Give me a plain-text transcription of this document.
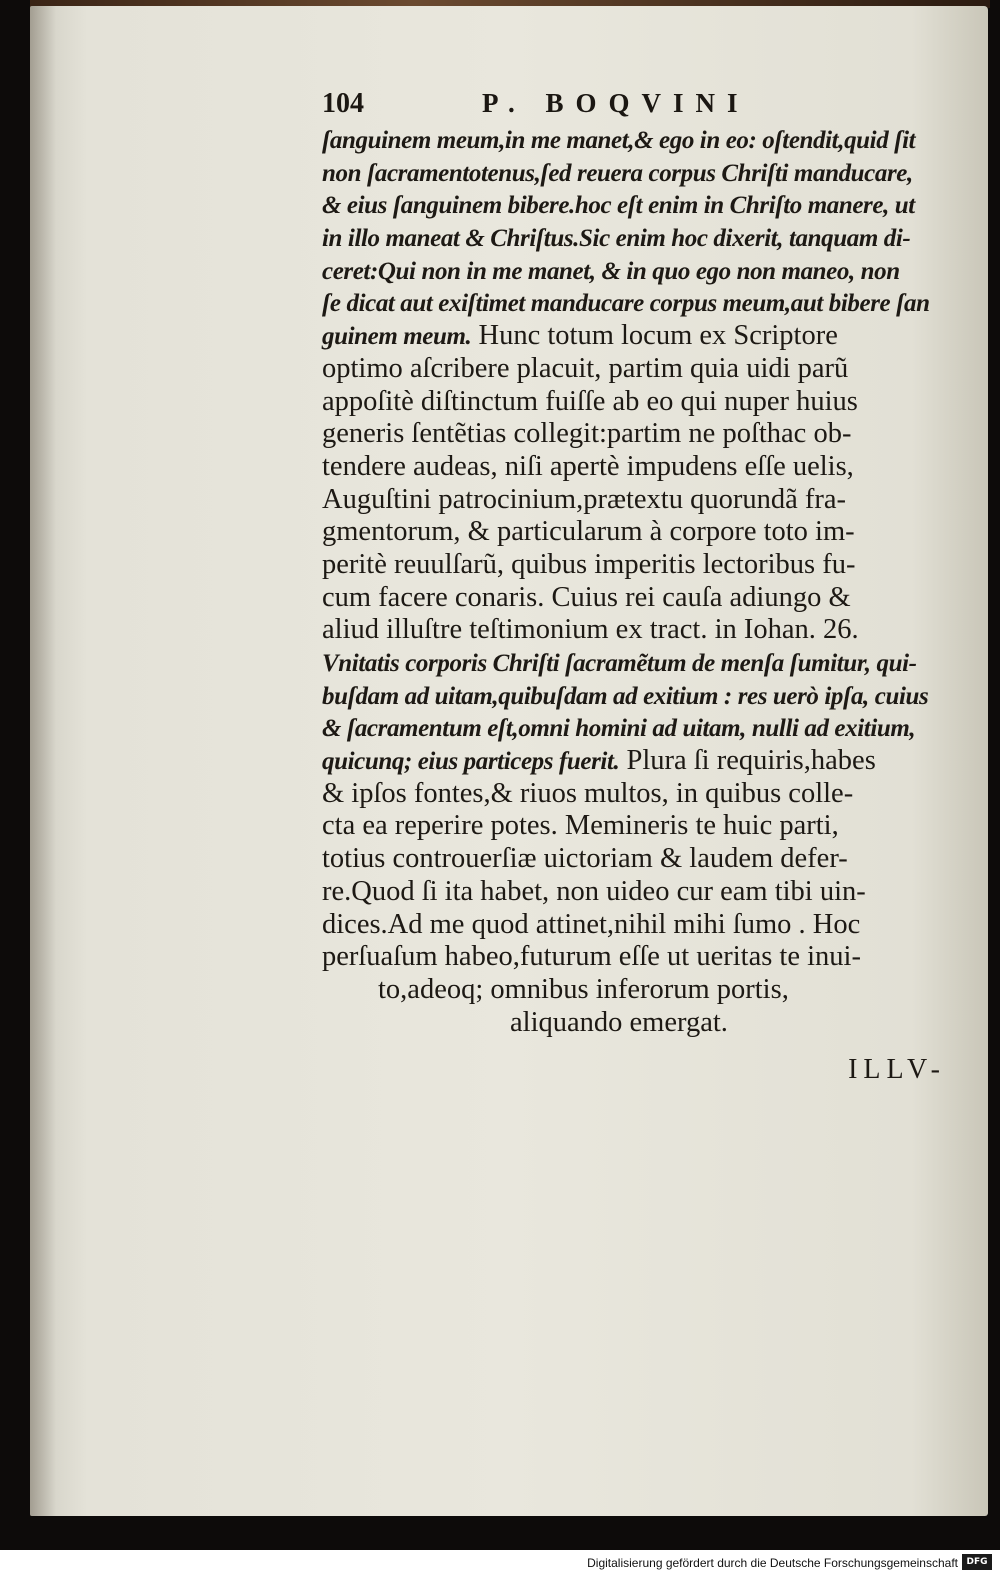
104	P. BOQVINI
ſanguinem meum,in me manet,& ego in eo: oſtendit,quid ſit
non ſacramentotenus,ſed reuera corpus Chriſti manducare,
& eius ſanguinem bibere.hoc eſt enim in Chriſto manere, ut
in illo maneat & Chriſtus.Sic enim hoc dixerit, tanquam di-
ceret:Qui non in me manet, & in quo ego non maneo, non
ſe dicat aut exiſtimet manducare corpus meum,aut bibere ſan
guinem meum. Hunc totum locum ex Scriptore
optimo aſcribere placuit, partim quia uidi parũ
appoſitè diſtinctum fuiſſe ab eo qui nuper huius
generis ſentẽtias collegit:partim ne poſthac ob-
tendere audeas, niſi apertè impudens eſſe uelis,
Auguſtini patrocinium,prætextu quorundã fra-
gmentorum, & particularum à corpore toto im-
peritè reuulſarũ, quibus imperitis lectoribus fu-
cum facere conaris. Cuius rei cauſa adiungo &
aliud illuſtre teſtimonium ex tract. in Iohan. 26.
Vnitatis corporis Chriſti ſacramẽtum de menſa ſumitur, qui-
buſdam ad uitam,quibuſdam ad exitium : res uerò ipſa, cuius
& ſacramentum eſt,omni homini ad uitam, nulli ad exitium,
quicunq; eius particeps fuerit. Plura ſi requiris,habes
& ipſos fontes,& riuos multos, in quibus colle-
cta ea reperire potes. Memineris te huic parti,
totius controuerſiæ uictoriam & laudem defer-
re.Quod ſi ita habet, non uideo cur eam tibi uin-
dices.Ad me quod attinet,nihil mihi ſumo . Hoc
perſuaſum habeo,futurum eſſe ut ueritas te inui-
to,adeoq; omnibus inferorum portis,
aliquando emergat.
ILLV-
Digitalisierung gefördert durch die Deutsche Forschungsgemeinschaft DFG
